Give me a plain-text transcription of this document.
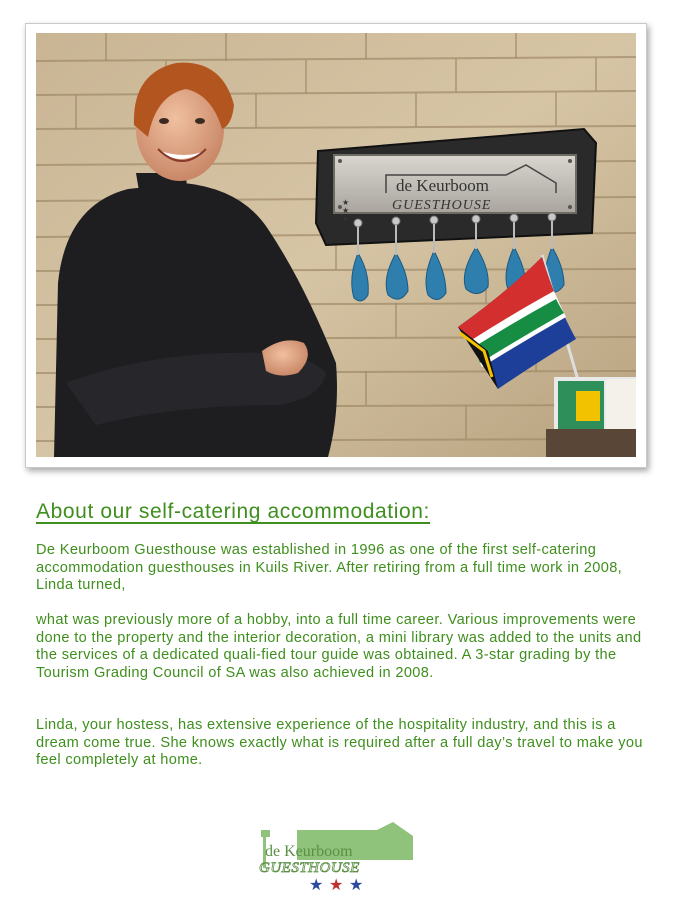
de Keurboom
GUESTHOUSE
★ ★ ★
About our self-catering accommodation:

De Keurboom Guesthouse was established in 1996 as one of the first self-catering accommodation guesthouses in Kuils River. After retiring from a full time work in 2008, Linda turned,

what was previously more of a hobby, into a full time career. Various improvements were done to the property and the interior decoration, a mini library was added to the units and the services of a dedicated quali-fied tour guide was obtained. A 3-star grading by the Tourism Grading Council of SA was also achieved in 2008.

Linda, your hostess, has extensive experience of the hospitality industry, and this is a dream come true. She knows exactly what is required after a full day’s travel to make you feel completely at home.

de Keurboom
GUESTHOUSE
★ ★ ★
